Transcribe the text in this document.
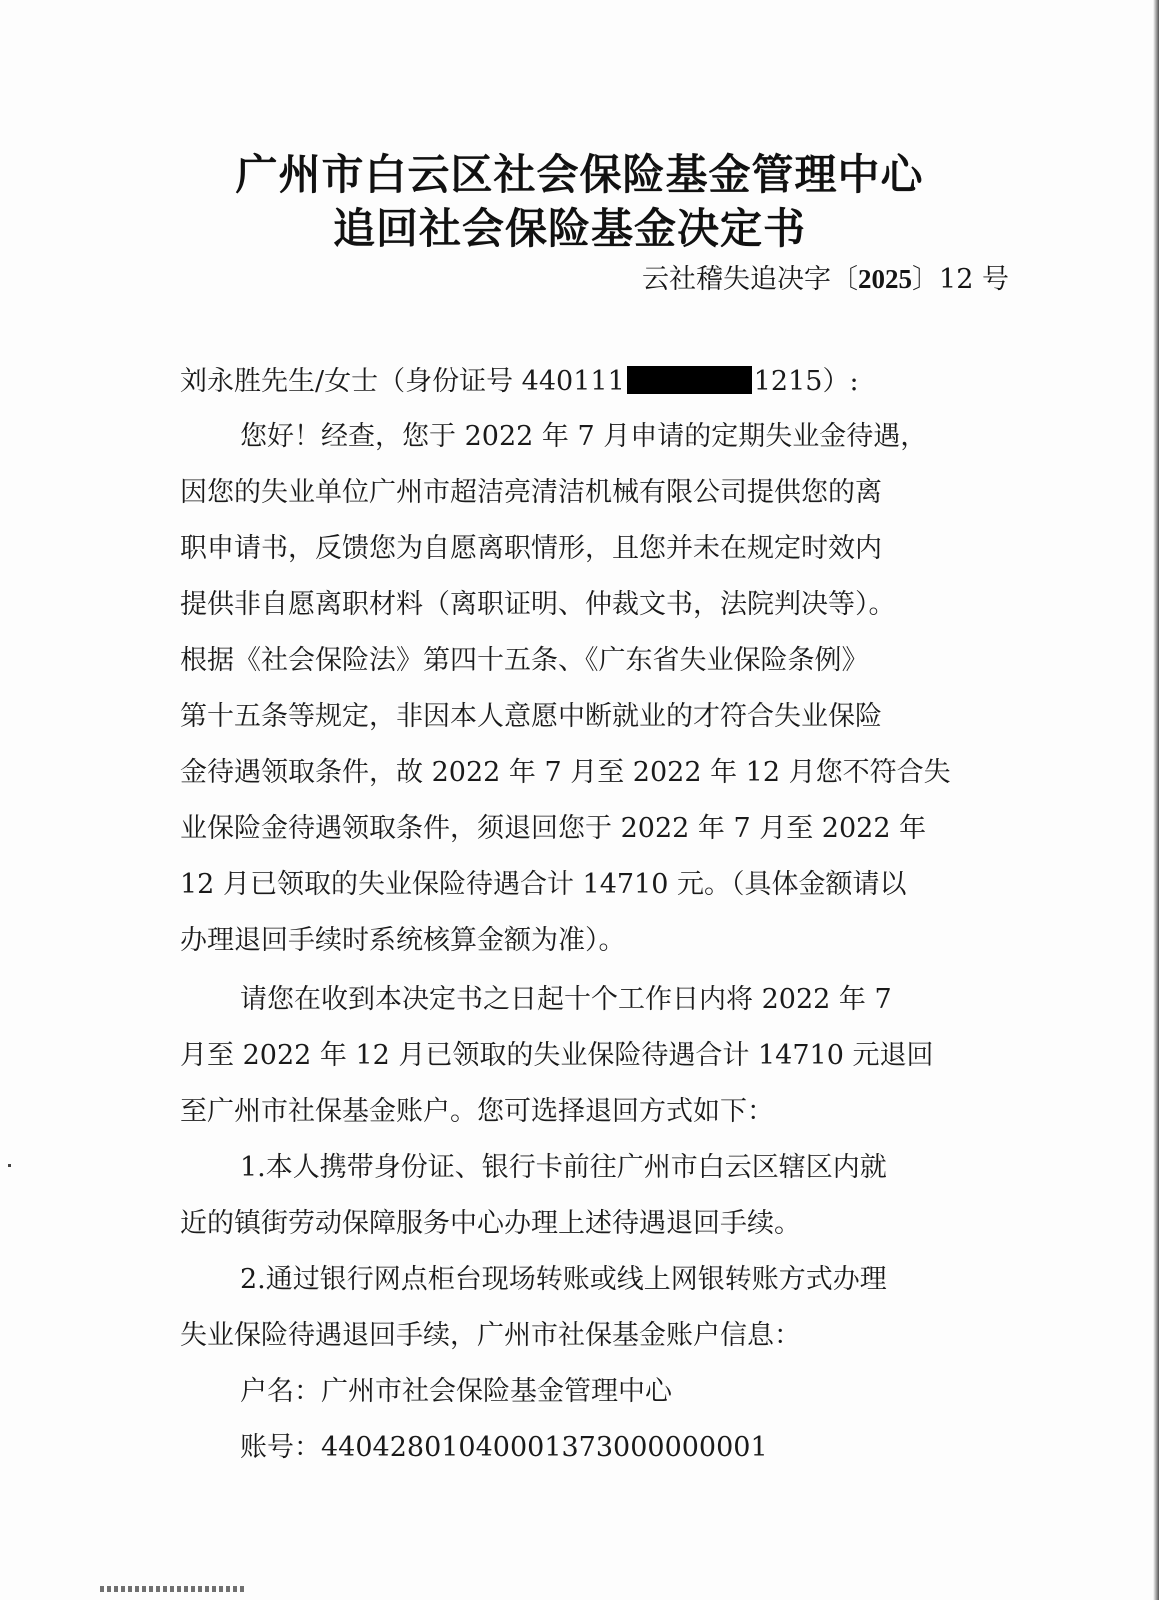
广州市白云区社会保险基金管理中心
追回社会保险基金决定书
云社稽失追决字〔2025〕12 号
刘永胜先生/女士（身份证号 440111	1215）:
您好！经查，您于 2022 年 7 月申请的定期失业金待遇，
因您的失业单位广州市超洁亮清洁机械有限公司提供您的离
职申请书，反馈您为自愿离职情形，且您并未在规定时效内
提供非自愿离职材料（离职证明、仲裁文书，法院判决等）。
根据《社会保险法》第四十五条、《广东省失业保险条例》
第十五条等规定，非因本人意愿中断就业的才符合失业保险
金待遇领取条件，故 2022 年 7 月至 2022 年 12 月您不符合失
业保险金待遇领取条件，须退回您于 2022 年 7 月至 2022 年
12 月已领取的失业保险待遇合计 14710 元。（具体金额请以
办理退回手续时系统核算金额为准）。
请您在收到本决定书之日起十个工作日内将 2022 年 7
月至 2022 年 12 月已领取的失业保险待遇合计 14710 元退回
至广州市社保基金账户。您可选择退回方式如下：
1.本人携带身份证、银行卡前往广州市白云区辖区内就
近的镇街劳动保障服务中心办理上述待遇退回手续。
2.通过银行网点柜台现场转账或线上网银转账方式办理
失业保险待遇退回手续，广州市社保基金账户信息：
户名：广州市社会保险基金管理中心
账号：44042801040001373000000001
